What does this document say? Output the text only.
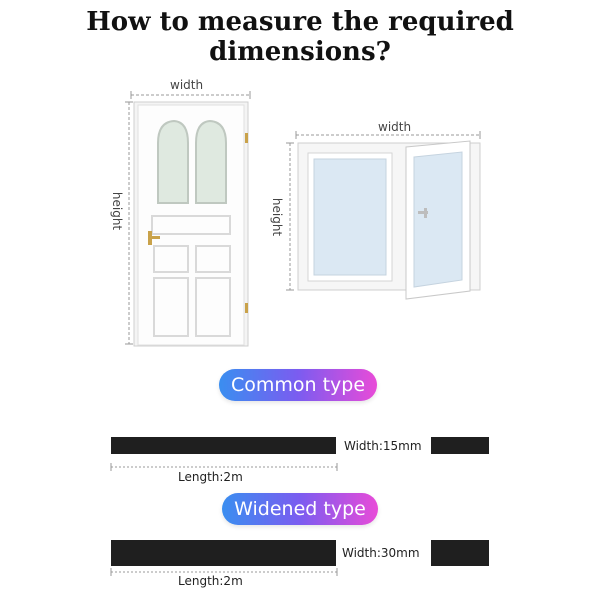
How to measure the required
dimensions?
width
height
width
height
Common type
Width:15mm
Length:2m
Widened type
Width:30mm
Length:2m
